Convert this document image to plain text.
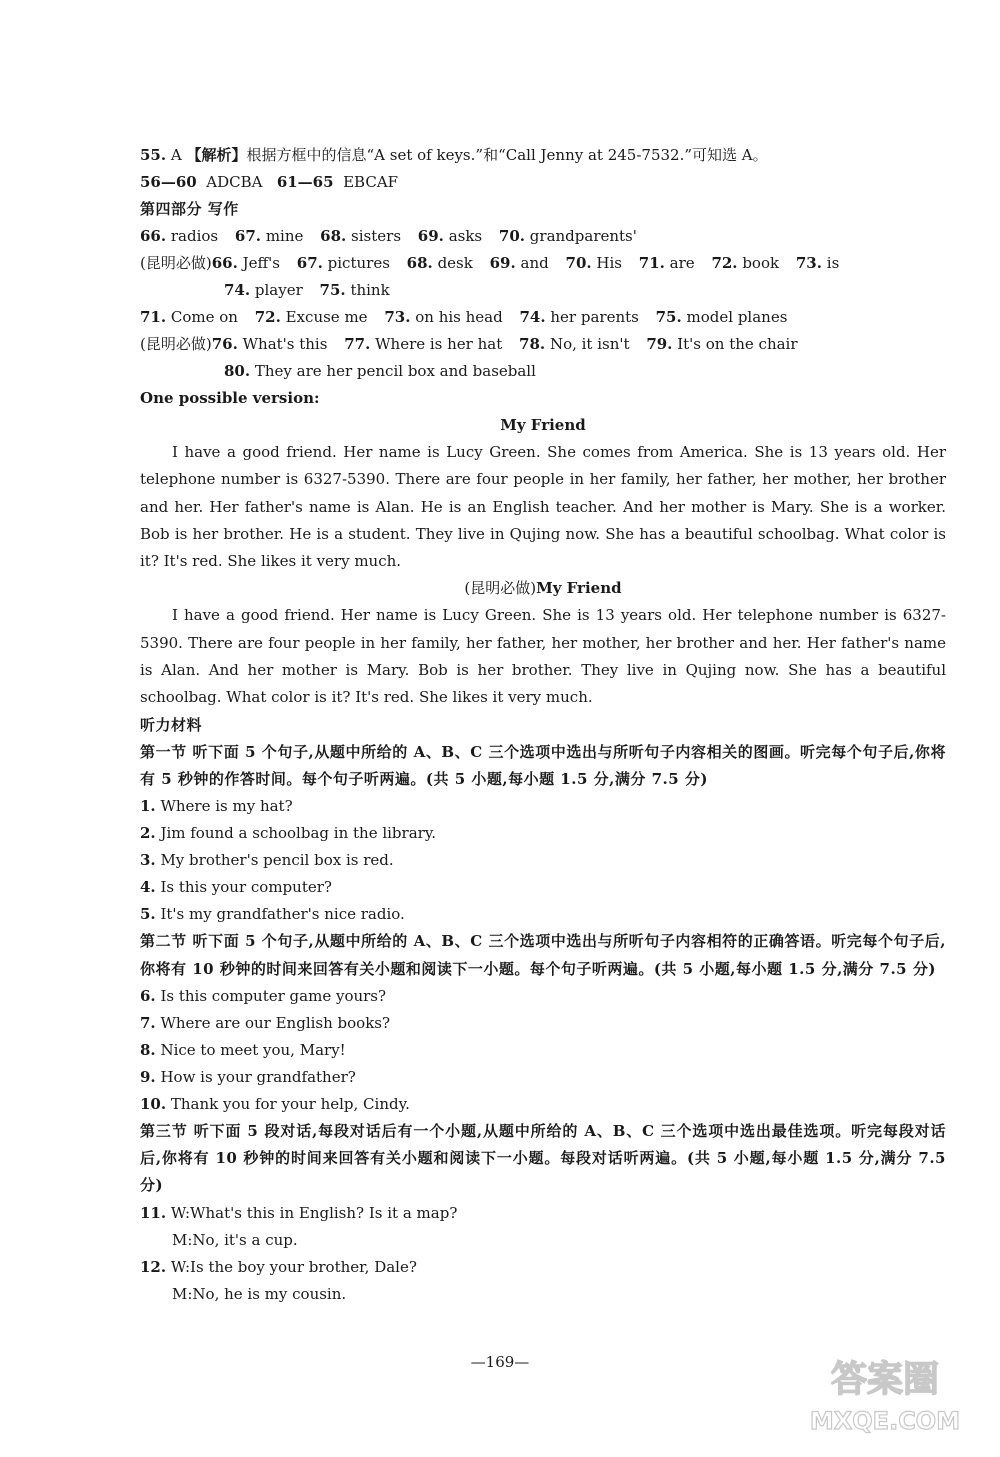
55. A 【解析】根据方框中的信息“A set of keys.”和“Call Jenny at 245-7532.”可知选 A。
56—60 ADCBA 61—65 EBCAF
第四部分 写作
66. radios 67. mine 68. sisters 69. asks 70. grandparents'
(昆明必做)66. Jeff's 67. pictures 68. desk 69. and 70. His 71. are 72. book 73. is
74. player 75. think
71. Come on 72. Excuse me 73. on his head 74. her parents 75. model planes
(昆明必做)76. What's this 77. Where is her hat 78. No, it isn't 79. It's on the chair
80. They are her pencil box and baseball
One possible version:
My Friend
I have a good friend. Her name is Lucy Green. She comes from America. She is 13 years old. Her telephone number is 6327-5390. There are four people in her family, her father, her mother, her brother and her. Her father's name is Alan. He is an English teacher. And her mother is Mary. She is a worker. Bob is her brother. He is a student. They live in Qujing now. She has a beautiful schoolbag. What color is it? It's red. She likes it very much.
(昆明必做)My Friend
I have a good friend. Her name is Lucy Green. She is 13 years old. Her telephone number is 6327-5390. There are four people in her family, her father, her mother, her brother and her. Her father's name is Alan. And her mother is Mary. Bob is her brother. They live in Qujing now. She has a beautiful schoolbag. What color is it? It's red. She likes it very much.
听力材料
第一节 听下面 5 个句子,从题中所给的 A、B、C 三个选项中选出与所听句子内容相关的图画。听完每个句子后,你将有 5 秒钟的作答时间。每个句子听两遍。(共 5 小题,每小题 1.5 分,满分 7.5 分)
1. Where is my hat?
2. Jim found a schoolbag in the library.
3. My brother's pencil box is red.
4. Is this your computer?
5. It's my grandfather's nice radio.
第二节 听下面 5 个句子,从题中所给的 A、B、C 三个选项中选出与所听句子内容相符的正确答语。听完每个句子后,你将有 10 秒钟的时间来回答有关小题和阅读下一小题。每个句子听两遍。(共 5 小题,每小题 1.5 分,满分 7.5 分)
6. Is this computer game yours?
7. Where are our English books?
8. Nice to meet you, Mary!
9. How is your grandfather?
10. Thank you for your help, Cindy.
第三节 听下面 5 段对话,每段对话后有一个小题,从题中所给的 A、B、C 三个选项中选出最佳选项。听完每段对话后,你将有 10 秒钟的时间来回答有关小题和阅读下一小题。每段对话听两遍。(共 5 小题,每小题 1.5 分,满分 7.5 分)
11. W:What's this in English? Is it a map?
M:No, it's a cup.
12. W:Is the boy your brother, Dale?
M:No, he is my cousin.
—169—	答案圈
MXQE.COM
